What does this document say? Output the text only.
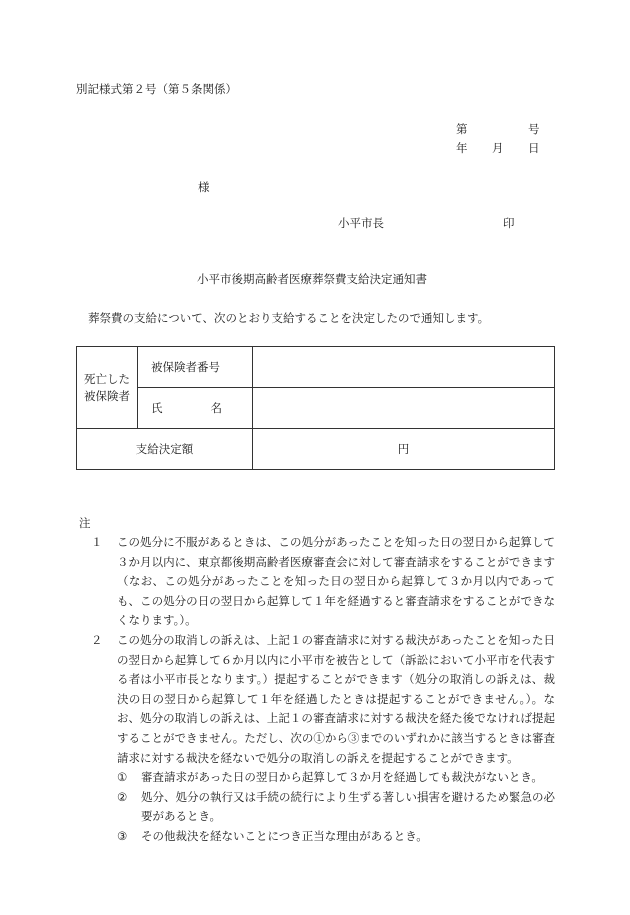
別記様式第２号（第５条関係）
第	号
年 月 日
様
小平市長	印
小平市後期高齢者医療葬祭費支給決定通知書
葬祭費の支給について、次のとおり支給することを決定したので通知します。
死亡した
被保険者	被保険者番号	
	氏 名	
支給決定額		円
注
１	この処分に不服があるときは、この処分があったことを知った日の翌日から起算して３か月以内に、東京都後期高齢者医療審査会に対して審査請求をすることができます（なお、この処分があったことを知った日の翌日から起算して３か月以内であっても、この処分の日の翌日から起算して１年を経過すると審査請求をすることができなくなります。）。
２	この処分の取消しの訴えは、上記１の審査請求に対する裁決があったことを知った日の翌日から起算して６か月以内に小平市を被告として（訴訟において小平市を代表する者は小平市長となります。）提起することができます（処分の取消しの訴えは、裁決の日の翌日から起算して１年を経過したときは提起することができません。）。なお、処分の取消しの訴えは、上記１の審査請求に対する裁決を経た後でなければ提起することができません。ただし、次の①から③までのいずれかに該当するときは審査請求に対する裁決を経ないで処分の取消しの訴えを提起することができます。
①	審査請求があった日の翌日から起算して３か月を経過しても裁決がないとき。
②	処分、処分の執行又は手続の続行により生ずる著しい損害を避けるため緊急の必要があるとき。
③	その他裁決を経ないことにつき正当な理由があるとき。
